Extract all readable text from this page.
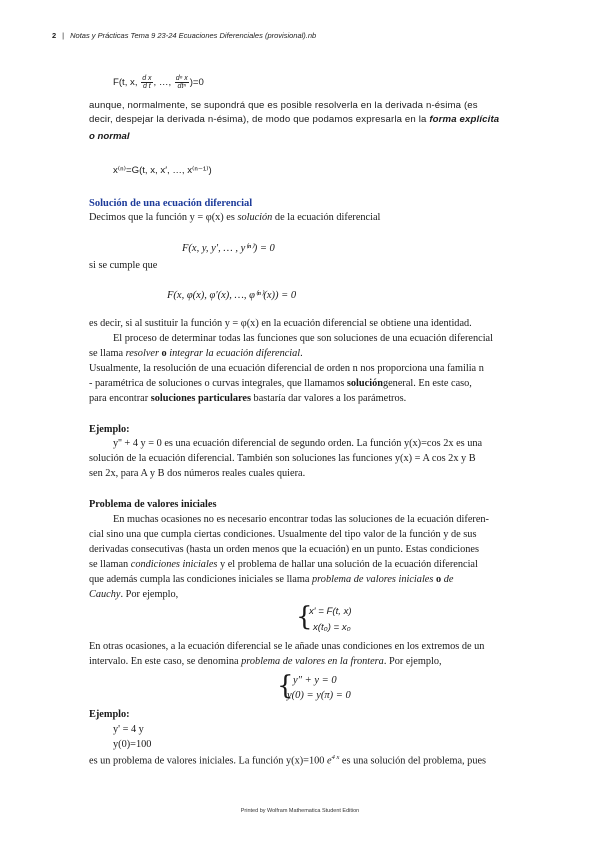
2 | Notas y Prácticas Tema 9 23-24 Ecuaciones Diferenciales (provisional).nb
F(t, x, $\frac{\text{d x}}{\text{d t}}$ , …, $\frac{\text{dⁿ x}}{\text{dtⁿ}} )=0$
aunque, normalmente, se supondrá que es posible resolverla en la derivada n-ésima (es
decir, despejar la derivada n-ésima), de modo que podamos expresarla en la forma explícita
o normal
x⁽ⁿ⁾=G(t, x, x′, …, x⁽ⁿ⁻¹⁾)
Solución de una ecuación diferencial
Decimos que la función y = φ(x) es solución de la ecuación diferencial
F(x, y, y′, … , y⁽ⁿ⁾) = 0
si se cumple que
F(x, φ(x), φ′(x), …, φ⁽ⁿ⁾(x)) = 0
es decir, si al sustituir la función y = φ(x) en la ecuación diferencial se obtiene una identidad.
El proceso de determinar todas las funciones que son soluciones de una ecuación diferencial
se llama resolver o integrar la ecuación diferencial.
Usualmente, la resolución de una ecuación diferencial de orden n nos proporciona una familia n
- paramétrica de soluciones o curvas integrales, que llamamos solucióngeneral. En este caso,
para encontrar soluciones particulares bastaría dar valores a los parámetros.
Ejemplo:
y'' + 4 y = 0 es una ecuación diferencial de segundo orden. La función y(x)=cos 2x es una
solución de la ecuación diferencial. También son soluciones las funciones y(x) = A cos 2x y B
sen 2x, para A y B dos números reales cuales quiera.
Problema de valores iniciales
En muchas ocasiones no es necesario encontrar todas las soluciones de la ecuación diferen-
cial sino una que cumpla ciertas condiciones. Usualmente del tipo valor de la función y de sus
derivadas consecutivas (hasta un orden menos que la ecuación) en un punto. Estas condiciones
se llaman condiciones iniciales y el problema de hallar una solución de la ecuación diferencial
que además cumpla las condiciones iniciales se llama problema de valores iniciales o de
Cauchy. Por ejemplo,
{
x′ = F(t, x)
x(t₀) = x₀
En otras ocasiones, a la ecuación diferencial se le añade unas condiciones en los extremos de un
intervalo. En este caso, se denomina problema de valores en la frontera. Por ejemplo,
{ y″ + y = 0
y(0) = y(π) = 0
Ejemplo:
y' = 4 y
y(0)=100
es un problema de valores iniciales. La función y(x)=100 $e^{4 x}$ es una solución del problema, pues
Printed by Wolfram Mathematica Student Edition
